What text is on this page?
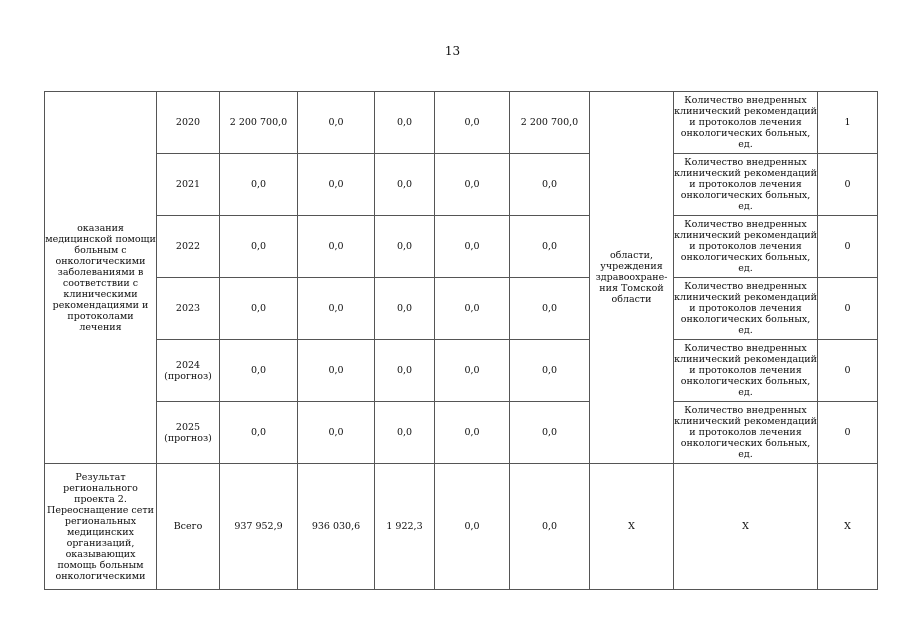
13
оказания медицинской помощи больным с онкологическими заболеваниями в соответствии с клиническими рекомендациями и протоколами лечения	2020	2 200 700,0	0,0	0,0	0,0	2 200 700,0	области, учреждения здравоохране-ния Томской области	Количество внедренных клинический рекомендаций и протоколов лечения онкологических больных, ед.	1
	2021	0,0	0,0	0,0	0,0	0,0		Количество внедренных клинический рекомендаций и протоколов лечения онкологических больных, ед.	0
	2022	0,0	0,0	0,0	0,0	0,0		Количество внедренных клинический рекомендаций и протоколов лечения онкологических больных, ед.	0
	2023	0,0	0,0	0,0	0,0	0,0		Количество внедренных клинический рекомендаций и протоколов лечения онкологических больных, ед.	0
	2024 (прогноз)	0,0	0,0	0,0	0,0	0,0		Количество внедренных клинический рекомендаций и протоколов лечения онкологических больных, ед.	0
	2025 (прогноз)	0,0	0,0	0,0	0,0	0,0		Количество внедренных клинический рекомендаций и протоколов лечения онкологических больных, ед.	0
Результат регионального проекта 2. Переоснащение сети региональных медицинских организаций, оказывающих помощь больным онкологическими	Всего	937 952,9	936 030,6	1 922,3	0,0	0,0	Х	Х	Х
